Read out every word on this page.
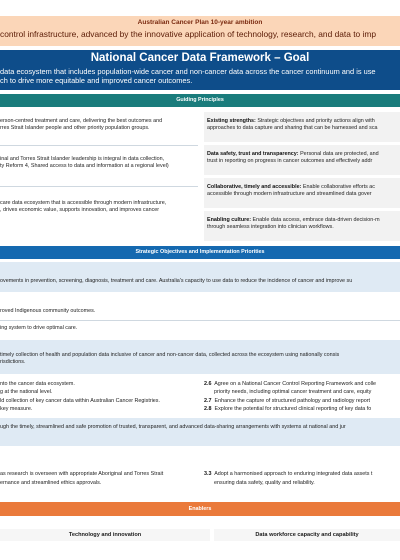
Australian Cancer Plan 10-year ambition
control infrastructure, advanced by the innovative application of technology, research, and data to imp
National Cancer Data Framework – Goal
data ecosystem that includes population-wide cancer and non-cancer data across the cancer continuum and is use
ch to drive more equitable and improved cancer outcomes.
Guiding Principles
erson-centred treatment and care, delivering the best outcomes and
rres Strait Islander people and other priority population groups.
inal and Torres Strait Islander leadership is integral in data collection,
ty Reform 4, Shared access to data and information at a regional level)
care data ecosystem that is accessible through modern infrastructure,
, drives economic value, supports innovation, and improves cancer
Existing strengths: Strategic objectives and priority actions align with
approaches to data capture and sharing that can be harnessed and sca
Data safety, trust and transparency: Personal data are protected, and
trust in reporting on progress in cancer outcomes and effectively addr
Collaborative, timely and accessible: Enable collaborative efforts ac
accessible through modern infrastructure and streamlined data gover
Enabling culture: Enable data access, embrace data-driven decision-m
through seamless integration into clinician workflows.
Strategic Objectives and Implementation Priorities
ovements in prevention, screening, diagnosis, treatment and care. Australia's capacity to use data to reduce the incidence of cancer and improve su
roved Indigenous community outcomes.
ing system to drive optimal care.
timely collection of health and population data inclusive of cancer and non-cancer data, collected across the ecosystem using nationally consis
risdictions.
nto the cancer data ecosystem.
g at the national level.
ld collection of key cancer data within Australian Cancer Registries.
key measure.
2.6 Agree on a National Cancer Control Reporting Framework and colle
priority needs, including optimal cancer treatment and care, equity
2.7 Enhance the capture of structured pathology and radiology report
2.8 Explore the potential for structured clinical reporting of key data fo
ugh the timely, streamlined and safe promotion of trusted, transparent, and advanced data-sharing arrangements with systems at national and jur
as research is overseen with appropriate Aboriginal and Torres Strait
ernance and streamlined ethics approvals.
3.3 Adopt a harmonised approach to enduring integrated data assets t
ensuring data safety, quality and reliability.
Enablers
Technology and innovation	Data workforce capacity and capability
